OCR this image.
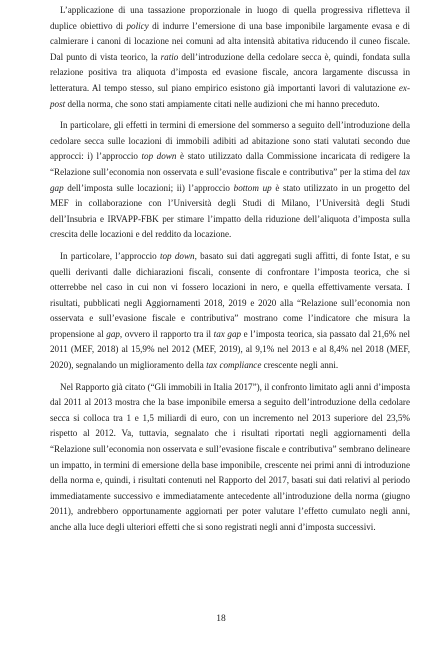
L’applicazione di una tassazione proporzionale in luogo di quella progressiva rifletteva il duplice obiettivo di policy di indurre l’emersione di una base imponibile largamente evasa e di calmierare i canoni di locazione nei comuni ad alta intensità abitativa riducendo il cuneo fiscale. Dal punto di vista teorico, la ratio dell’introduzione della cedolare secca è, quindi, fondata sulla relazione positiva tra aliquota d’imposta ed evasione fiscale, ancora largamente discussa in letteratura. Al tempo stesso, sul piano empirico esistono già importanti lavori di valutazione ex-post della norma, che sono stati ampiamente citati nelle audizioni che mi hanno preceduto.

In particolare, gli effetti in termini di emersione del sommerso a seguito dell’introduzione della cedolare secca sulle locazioni di immobili adibiti ad abitazione sono stati valutati secondo due approcci: i) l’approccio top down è stato utilizzato dalla Commissione incaricata di redigere la “Relazione sull’economia non osservata e sull’evasione fiscale e contributiva” per la stima del tax gap dell’imposta sulle locazioni; ii) l’approccio bottom up è stato utilizzato in un progetto del MEF in collaborazione con l’Università degli Studi di Milano, l’Università degli Studi dell’Insubria e IRVAPP-FBK per stimare l’impatto della riduzione dell’aliquota d’imposta sulla crescita delle locazioni e del reddito da locazione.

In particolare, l’approccio top down, basato sui dati aggregati sugli affitti, di fonte Istat, e su quelli derivanti dalle dichiarazioni fiscali, consente di confrontare l’imposta teorica, che si otterrebbe nel caso in cui non vi fossero locazioni in nero, e quella effettivamente versata. I risultati, pubblicati negli Aggiornamenti 2018, 2019 e 2020 alla “Relazione sull’economia non osservata e sull’evasione fiscale e contributiva” mostrano come l’indicatore che misura la propensione al gap, ovvero il rapporto tra il tax gap e l’imposta teorica, sia passato dal 21,6% nel 2011 (MEF, 2018) al 15,9% nel 2012 (MEF, 2019), al 9,1% nel 2013 e al 8,4% nel 2018 (MEF, 2020), segnalando un miglioramento della tax compliance crescente negli anni.

Nel Rapporto già citato (“Gli immobili in Italia 2017”), il confronto limitato agli anni d’imposta dal 2011 al 2013 mostra che la base imponibile emersa a seguito dell’introduzione della cedolare secca si colloca tra 1 e 1,5 miliardi di euro, con un incremento nel 2013 superiore del 23,5% rispetto al 2012. Va, tuttavia, segnalato che i risultati riportati negli aggiornamenti della “Relazione sull’economia non osservata e sull’evasione fiscale e contributiva” sembrano delineare un impatto, in termini di emersione della base imponibile, crescente nei primi anni di introduzione della norma e, quindi, i risultati contenuti nel Rapporto del 2017, basati sui dati relativi al periodo immediatamente successivo e immediatamente antecedente all’introduzione della norma (giugno 2011), andrebbero opportunamente aggiornati per poter valutare l’effetto cumulato negli anni, anche alla luce degli ulteriori effetti che si sono registrati negli anni d’imposta successivi.

18
